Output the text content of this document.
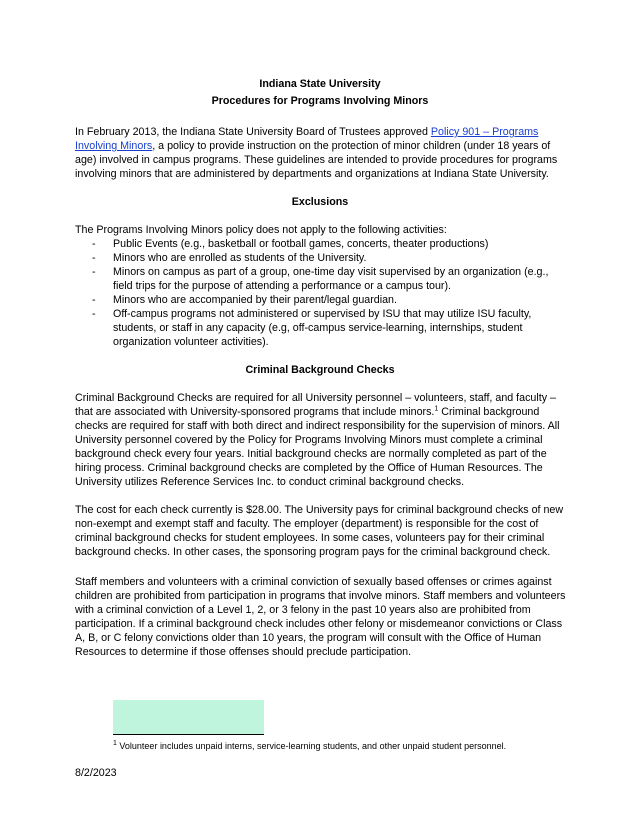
Indiana State University
Procedures for Programs Involving Minors
In February 2013, the Indiana State University Board of Trustees approved Policy 901 – Programs Involving Minors, a policy to provide instruction on the protection of minor children (under 18 years of age) involved in campus programs. These guidelines are intended to provide procedures for programs involving minors that are administered by departments and organizations at Indiana State University.
Exclusions
The Programs Involving Minors policy does not apply to the following activities:
- Public Events (e.g., basketball or football games, concerts, theater productions)
- Minors who are enrolled as students of the University.
- Minors on campus as part of a group, one-time day visit supervised by an organization (e.g., field trips for the purpose of attending a performance or a campus tour).
- Minors who are accompanied by their parent/legal guardian.
- Off-campus programs not administered or supervised by ISU that may utilize ISU faculty, students, or staff in any capacity (e.g, off-campus service-learning, internships, student organization volunteer activities).
Criminal Background Checks
Criminal Background Checks are required for all University personnel – volunteers, staff, and faculty – that are associated with University-sponsored programs that include minors.$^1$ Criminal background checks are required for staff with both direct and indirect responsibility for the supervision of minors. All University personnel covered by the Policy for Programs Involving Minors must complete a criminal background check every four years. Initial background checks are normally completed as part of the hiring process. Criminal background checks are completed by the Office of Human Resources. The University utilizes Reference Services Inc. to conduct criminal background checks.
The cost for each check currently is $28.00. The University pays for criminal background checks of new non-exempt and exempt staff and faculty. The employer (department) is responsible for the cost of criminal background checks for student employees. In some cases, volunteers pay for their criminal background checks. In other cases, the sponsoring program pays for the criminal background check.
Staff members and volunteers with a criminal conviction of sexually based offenses or crimes against children are prohibited from participation in programs that involve minors. Staff members and volunteers with a criminal conviction of a Level 1, 2, or 3 felony in the past 10 years also are prohibited from participation. If a criminal background check includes other felony or misdemeanor convictions or Class A, B, or C felony convictions older than 10 years, the program will consult with the Office of Human Resources to determine if those offenses should preclude participation.
$^1$ Volunteer includes unpaid interns, service-learning students, and other unpaid student personnel.
8/2/2023
